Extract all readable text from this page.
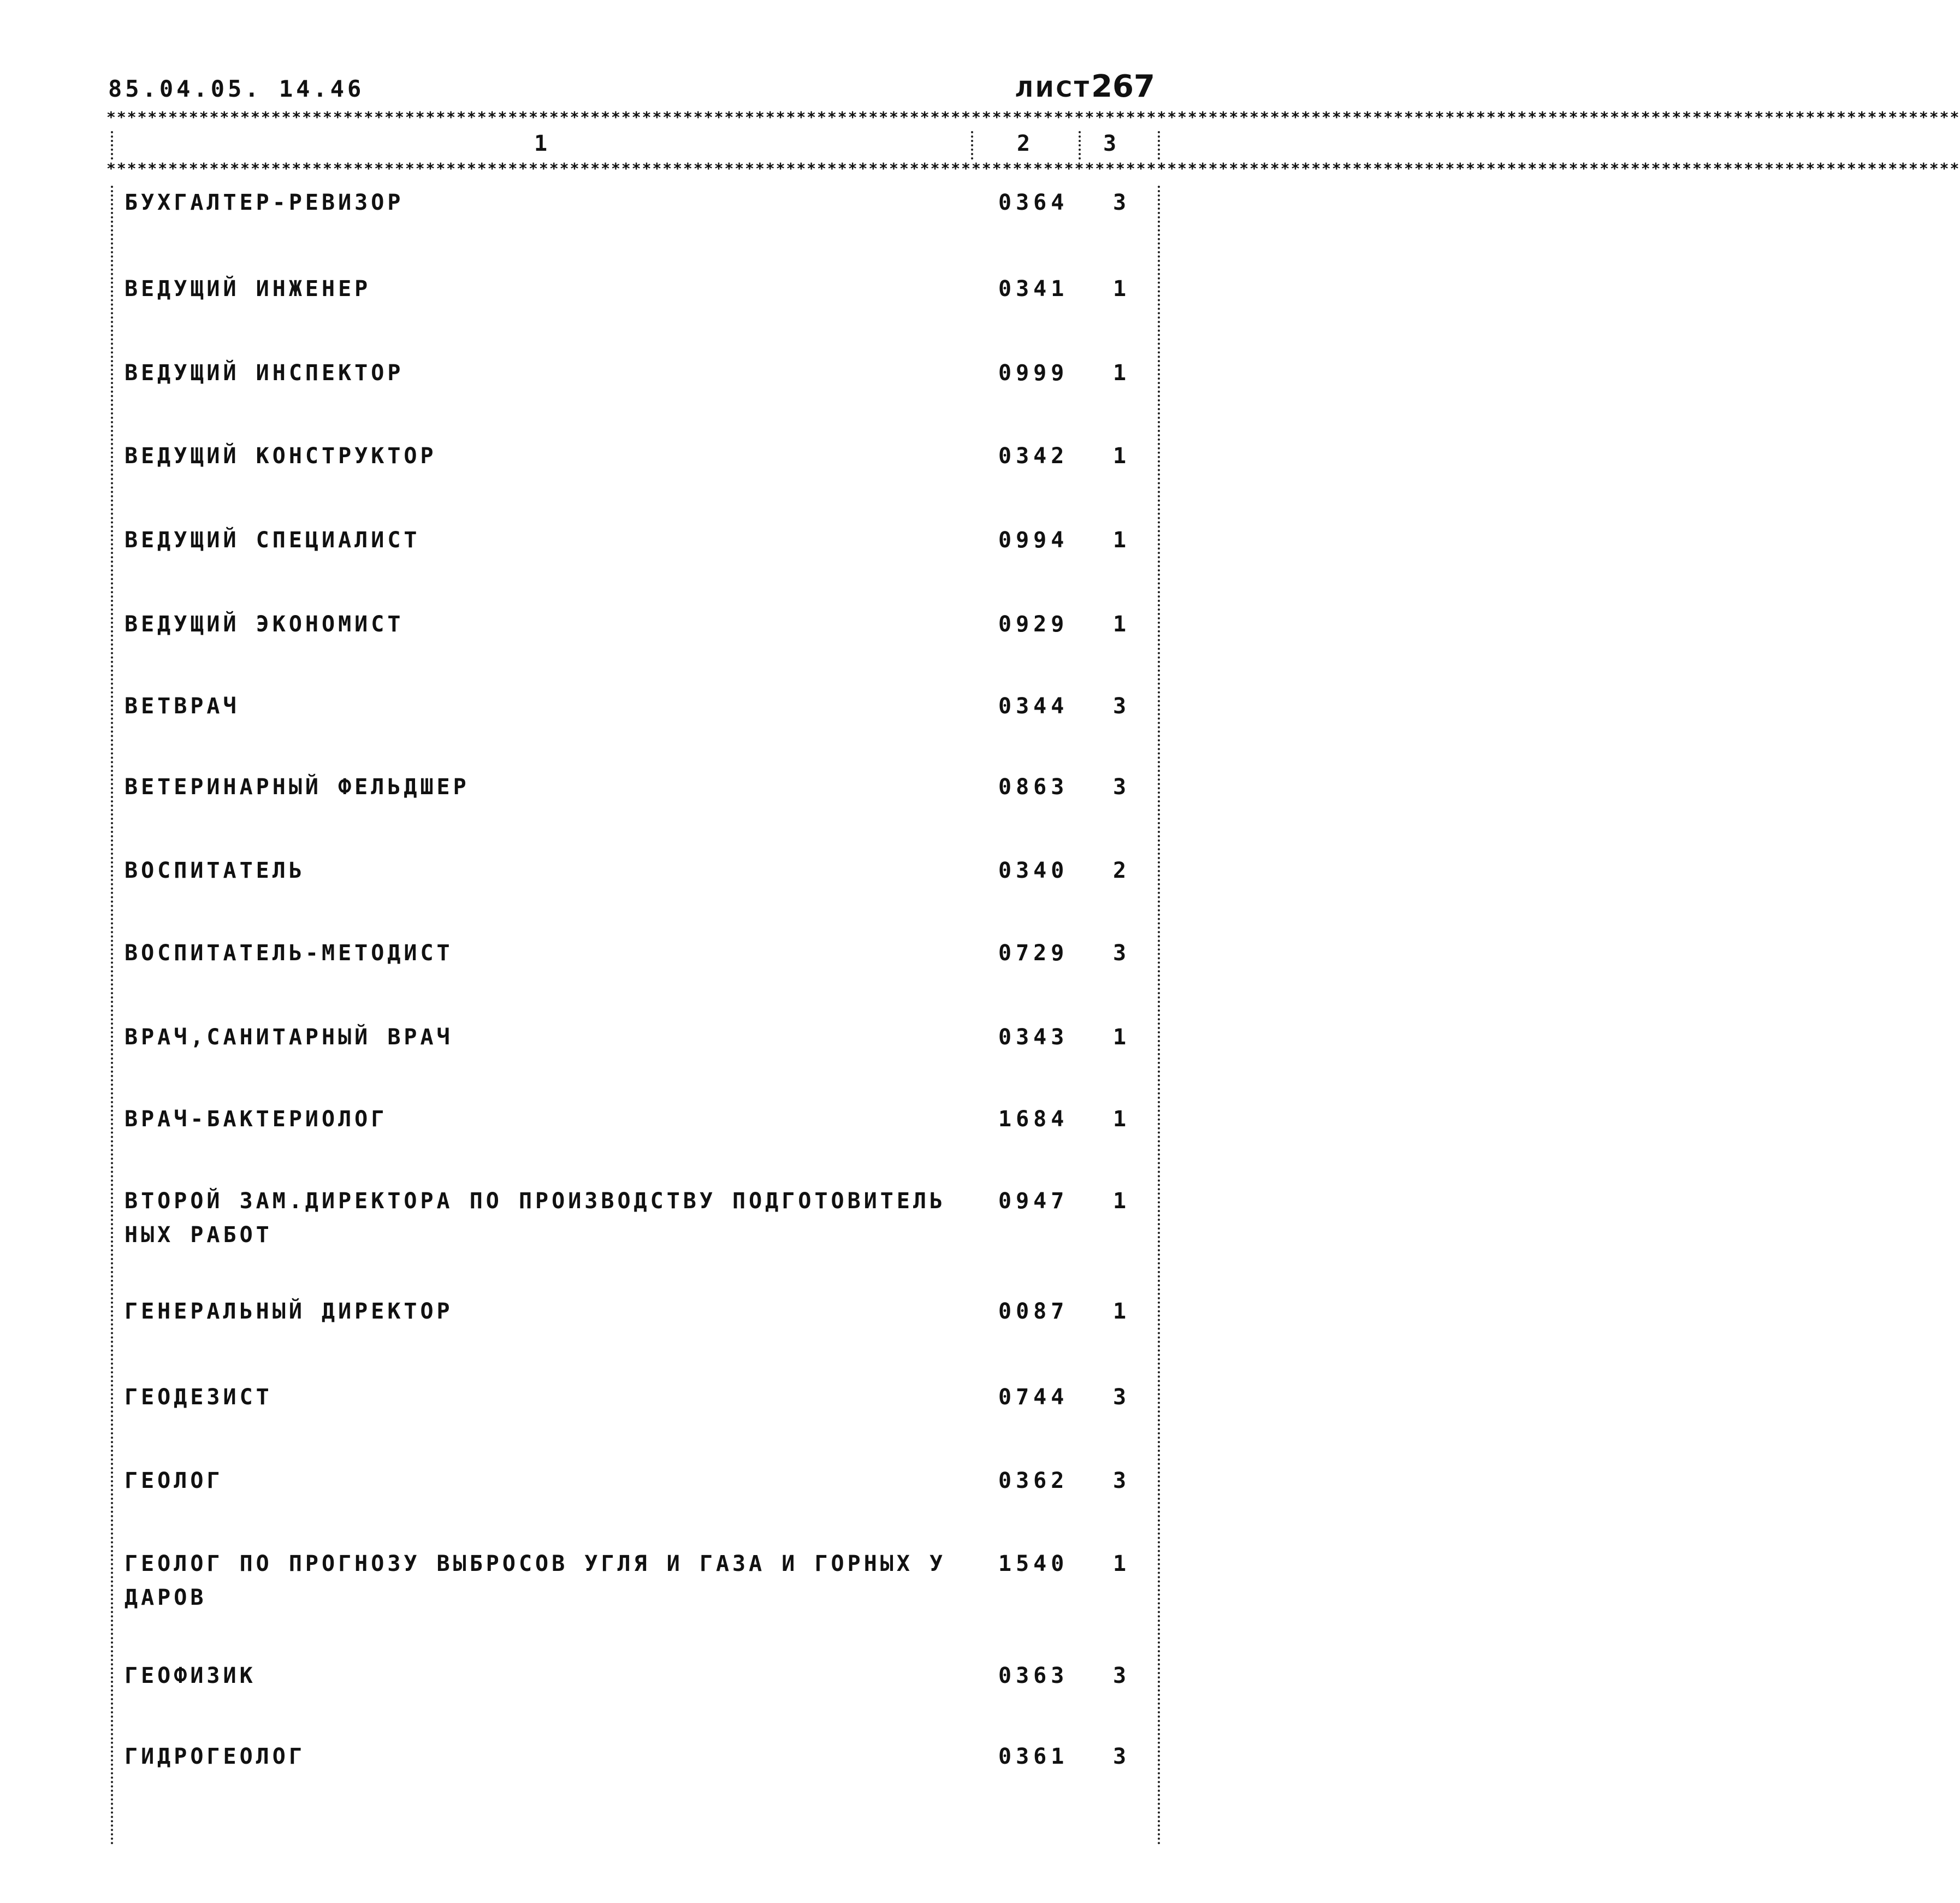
85.04.05. 14.46	ЛИСТ267
************************************************************************************************************************************************************************************
************************************************************************************************************************************************************************************
1	2	3
БУХГАЛТЕР-РЕВИЗОР	0364 3
ВЕДУЩИЙ ИНЖЕНЕР	0341 1
ВЕДУЩИЙ ИНСПЕКТОР	0999 1
ВЕДУЩИЙ КОНСТРУКТОР	0342 1
ВЕДУЩИЙ СПЕЦИАЛИСТ	0994 1
ВЕДУЩИЙ ЭКОНОМИСТ	0929 1
ВЕТВРАЧ	0344 3
ВЕТЕРИНАРНЫЙ ФЕЛЬДШЕР	0863 3
ВОСПИТАТЕЛЬ	0340 2
ВОСПИТАТЕЛЬ-МЕТОДИСТ	0729 3
ВРАЧ,САНИТАРНЫЙ ВРАЧ	0343 1
ВРАЧ-БАКТЕРИОЛОГ	1684 1
ВТОРОЙ ЗАМ.ДИРЕКТОРА ПО ПРОИЗВОДСТВУ ПОДГОТОВИТЕЛЬ
НЫХ РАБОТ
0947 1
ГЕНЕРАЛЬНЫЙ ДИРЕКТОР	0087 1
ГЕОДЕЗИСТ	0744 3
ГЕОЛОГ	0362 3
ГЕОЛОГ ПО ПРОГНОЗУ ВЫБРОСОВ УГЛЯ И ГАЗА И ГОРНЫХ У
ДАРОВ
1540 1
ГЕОФИЗИК	0363 3
ГИДРОГЕОЛОГ	0361 3
